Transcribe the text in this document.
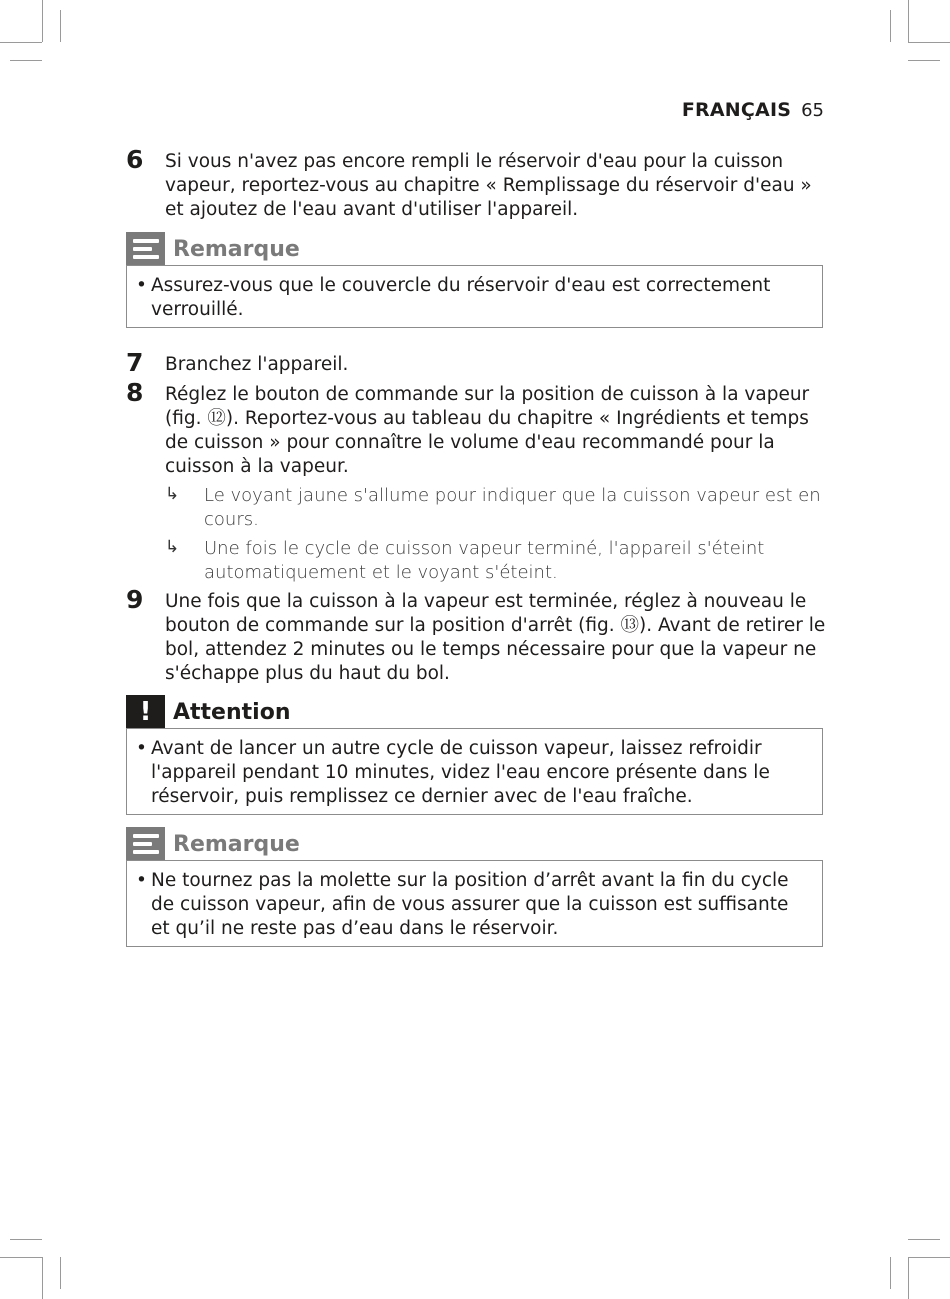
FRANÇAIS 65
6 Si vous n'avez pas encore rempli le réservoir d'eau pour la cuisson vapeur, reportez-vous au chapitre « Remplissage du réservoir d'eau » et ajoutez de l'eau avant d'utiliser l'appareil.
Remarque
• Assurez-vous que le couvercle du réservoir d'eau est correctement verrouillé.
7 Branchez l'appareil.
8 Réglez le bouton de commande sur la position de cuisson à la vapeur (fig. ⑫). Reportez-vous au tableau du chapitre « Ingrédients et temps de cuisson » pour connaître le volume d'eau recommandé pour la cuisson à la vapeur.
↳ Le voyant jaune s'allume pour indiquer que la cuisson vapeur est en cours.
↳ Une fois le cycle de cuisson vapeur terminé, l'appareil s'éteint automatiquement et le voyant s'éteint.
9 Une fois que la cuisson à la vapeur est terminée, réglez à nouveau le bouton de commande sur la position d'arrêt (fig. ⑬). Avant de retirer le bol, attendez 2 minutes ou le temps nécessaire pour que la vapeur ne s'échappe plus du haut du bol.
! Attention
• Avant de lancer un autre cycle de cuisson vapeur, laissez refroidir l'appareil pendant 10 minutes, videz l'eau encore présente dans le réservoir, puis remplissez ce dernier avec de l'eau fraîche.
Remarque
• Ne tournez pas la molette sur la position d’arrêt avant la fin du cycle de cuisson vapeur, afin de vous assurer que la cuisson est suffisante et qu’il ne reste pas d’eau dans le réservoir.
